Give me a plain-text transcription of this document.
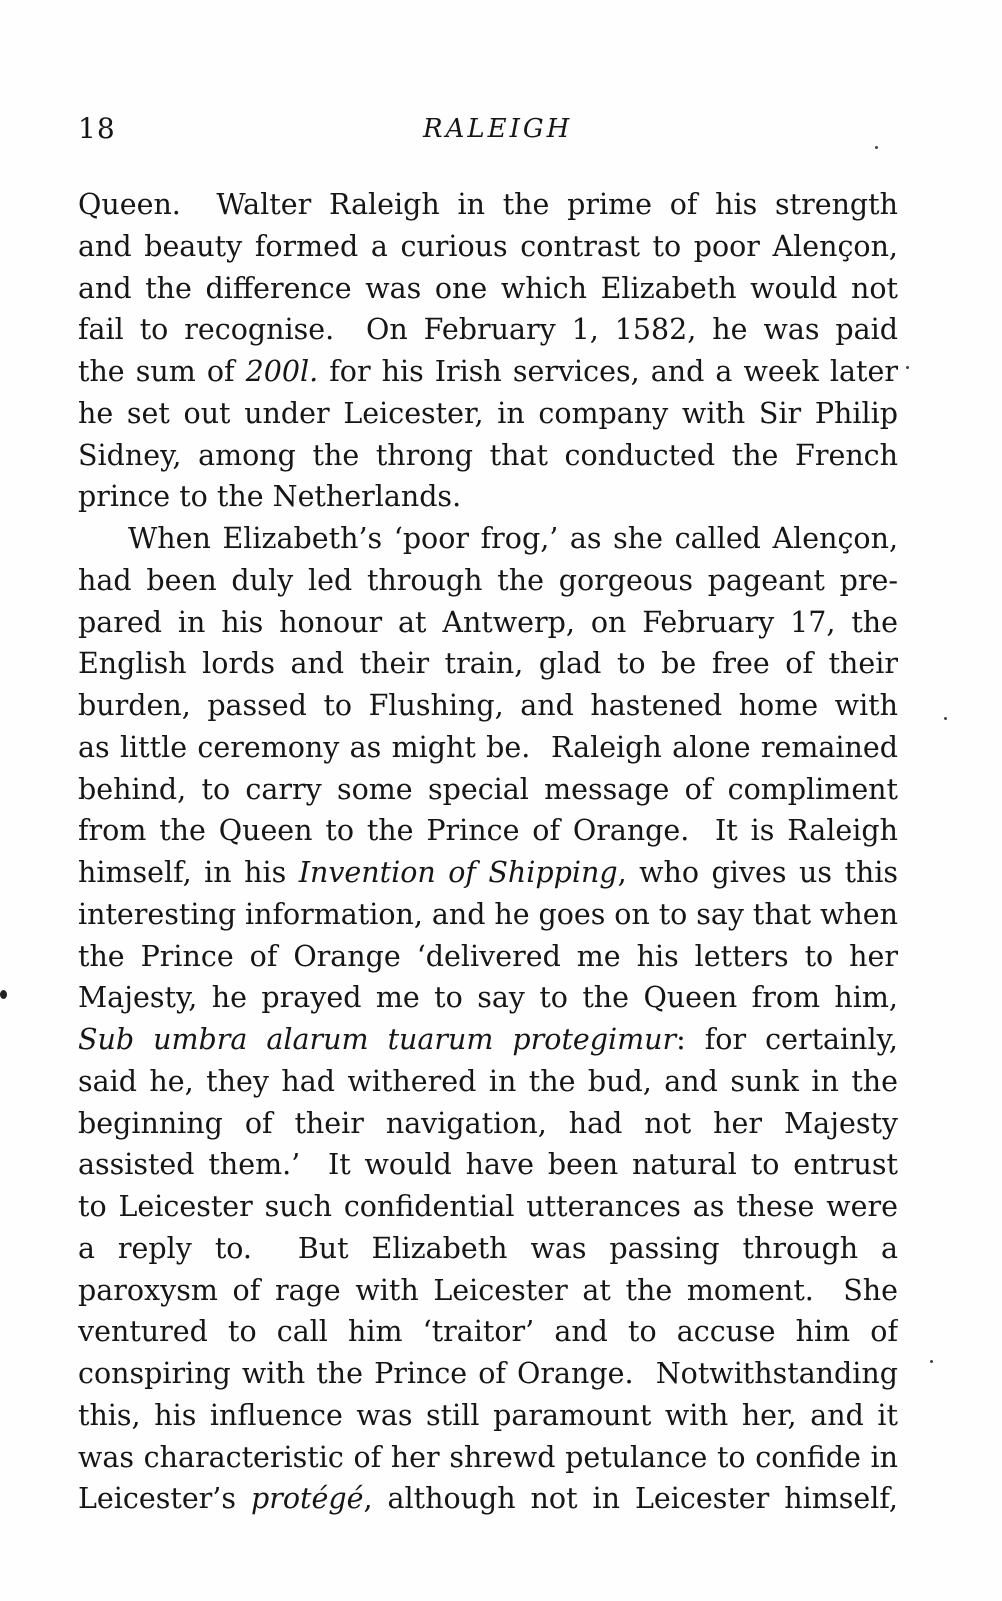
18	RALEIGH
Queen.  Walter Raleigh in the prime of his strength
and beauty formed a curious contrast to poor Alençon,
and the difference was one which Elizabeth would not
fail to recognise.  On February 1, 1582, he was paid
the sum of 200l. for his Irish services, and a week later
he set out under Leicester, in company with Sir Philip
Sidney, among the throng that conducted the French
prince to the Netherlands.
When Elizabeth’s ‘poor frog,’ as she called Alençon,
had been duly led through the gorgeous pageant pre-
pared in his honour at Antwerp, on February 17, the
English lords and their train, glad to be free of their
burden, passed to Flushing, and hastened home with
as little ceremony as might be.  Raleigh alone remained
behind, to carry some special message of compliment
from the Queen to the Prince of Orange.  It is Raleigh
himself, in his Invention of Shipping, who gives us this
interesting information, and he goes on to say that when
the Prince of Orange ‘delivered me his letters to her
Majesty, he prayed me to say to the Queen from him,
Sub umbra alarum tuarum protegimur: for certainly,
said he, they had withered in the bud, and sunk in the
beginning of their navigation, had not her Majesty
assisted them.’  It would have been natural to entrust
to Leicester such confidential utterances as these were
a reply to.  But Elizabeth was passing through a
paroxysm of rage with Leicester at the moment.  She
ventured to call him ‘traitor’ and to accuse him of
conspiring with the Prince of Orange.  Notwithstanding
this, his influence was still paramount with her, and it
was characteristic of her shrewd petulance to confide in
Leicester’s protégé, although not in Leicester himself,
